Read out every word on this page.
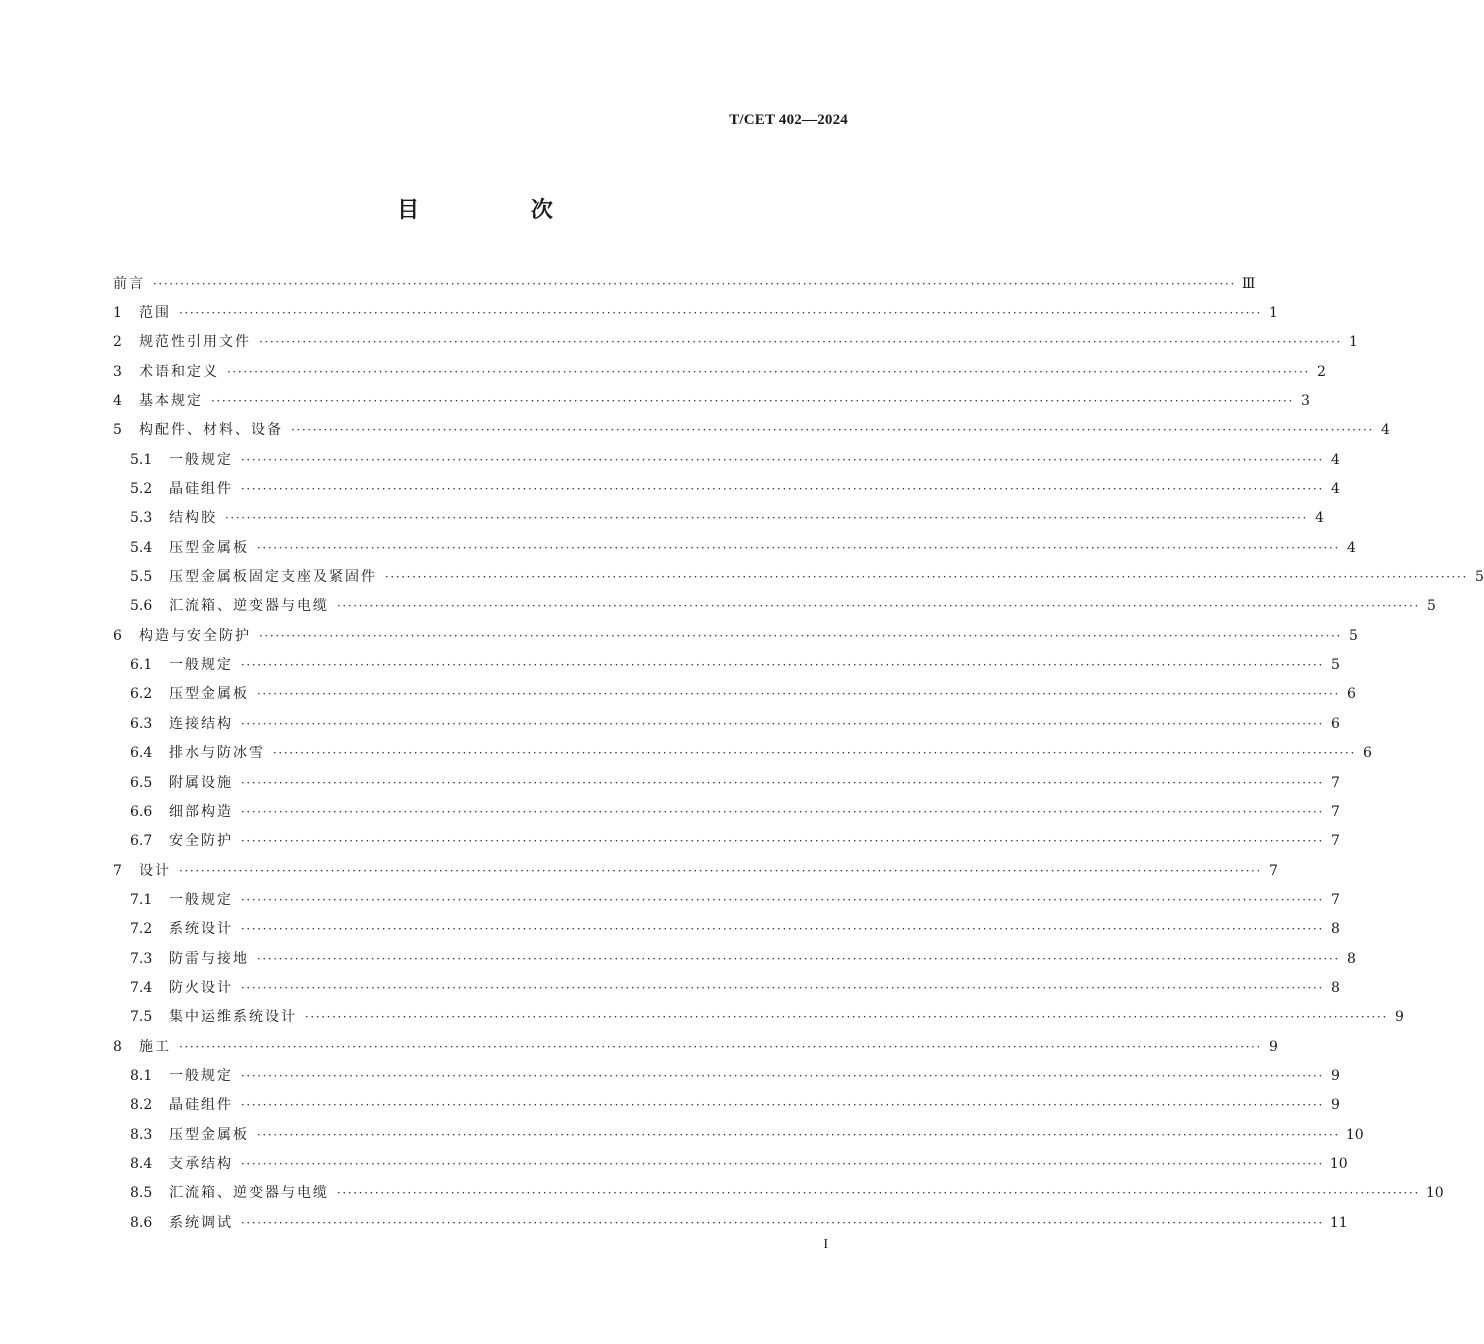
T/CET 402—2024
目 次
前言 ········································································································································································································ Ⅲ
1	范围 ········································································································································································································ 1
2	规范性引用文件 ········································································································································································································ 1
3	术语和定义 ········································································································································································································ 2
4	基本规定 ········································································································································································································ 3
5	构配件、材料、设备 ········································································································································································································ 4
5.1	一般规定 ········································································································································································································ 4
5.2	晶硅组件 ········································································································································································································ 4
5.3	结构胶 ········································································································································································································ 4
5.4	压型金属板 ········································································································································································································ 4
5.5	压型金属板固定支座及紧固件 ········································································································································································································ 5
5.6	汇流箱、逆变器与电缆 ········································································································································································································ 5
6	构造与安全防护 ········································································································································································································ 5
6.1	一般规定 ········································································································································································································ 5
6.2	压型金属板 ········································································································································································································ 6
6.3	连接结构 ········································································································································································································ 6
6.4	排水与防冰雪 ········································································································································································································ 6
6.5	附属设施 ········································································································································································································ 7
6.6	细部构造 ········································································································································································································ 7
6.7	安全防护 ········································································································································································································ 7
7	设计 ········································································································································································································ 7
7.1	一般规定 ········································································································································································································ 7
7.2	系统设计 ········································································································································································································ 8
7.3	防雷与接地 ········································································································································································································ 8
7.4	防火设计 ········································································································································································································ 8
7.5	集中运维系统设计 ········································································································································································································ 9
8	施工 ········································································································································································································ 9
8.1	一般规定 ········································································································································································································ 9
8.2	晶硅组件 ········································································································································································································ 9
8.3	压型金属板 ········································································································································································································ 10
8.4	支承结构 ········································································································································································································ 10
8.5	汇流箱、逆变器与电缆 ········································································································································································································ 10
8.6	系统调试 ········································································································································································································ 11
I
